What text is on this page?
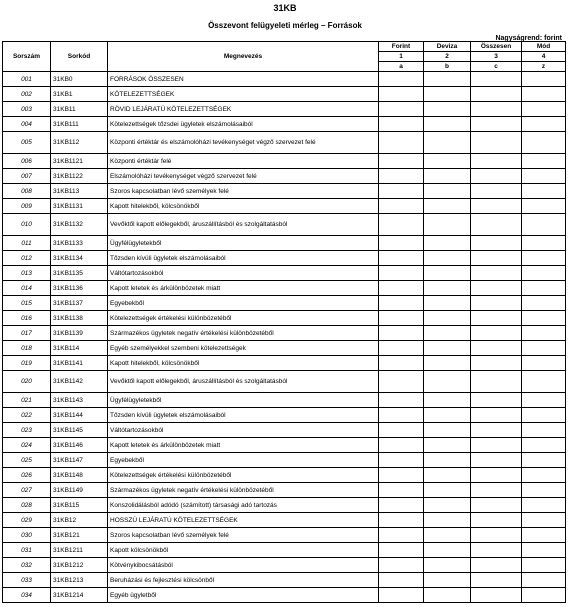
31KB
Összevont felügyeleti mérleg – Források
Nagyságrend: forint
Sorszám	Sorkód	Megnevezés	Forint	Deviza	Összesen	Mód
			1	2	3	4
			a	b	c	z
001	31KB0	FORRÁSOK ÖSSZESEN				
002	31KB1	KÖTELEZETTSÉGEK				
003	31KB11	RÖVID LEJÁRATÚ KÖTELEZETTSÉGEK				
004	31KB111	Kötelezettségek tőzsdei ügyletek elszámolásaiból				
005	31KB112	Központi értéktár és elszámolóházi tevékenységet végző szervezet felé				
006	31KB1121	Központi értéktár felé				
007	31KB1122	Elszámolóházi tevékenységet végző szervezet felé				
008	31KB113	Szoros kapcsolatban lévő személyek felé				
009	31KB1131	Kapott hitelekből, kölcsönökből				
010	31KB1132	Vevőktől kapott előlegekből, áruszállításból és szolgáltatásból				
011	31KB1133	Ügyfélügyletekből				
012	31KB1134	Tőzsden kívüli ügyletek elszámolásaiból				
013	31KB1135	Váltótartozásokból				
014	31KB1136	Kapott letetek és árkülönbözetek miatt				
015	31KB1137	Egyebekből				
016	31KB1138	Kötelezettségek értékelési különbözetéből				
017	31KB1139	Származékos ügyletek negatív értékelési különbözetéből				
018	31KB114	Egyéb személyekkel szembeni kötelezettségek				
019	31KB1141	Kapott hitelekből, kölcsönökből				
020	31KB1142	Vevőktől kapott előlegekből, áruszállításból és szolgáltatásból				
021	31KB1143	Ügyfélügyletekből				
022	31KB1144	Tőzsden kívüli ügyletek elszámolásaiból				
023	31KB1145	Váltótartozásokból				
024	31KB1146	Kapott letetek és árkülönbözetek miatt				
025	31KB1147	Egyebekből				
026	31KB1148	Kötelezettségek értékelési különbözetéből				
027	31KB1149	Származékos ügyletek negatív értékelési különbözetéből				
028	31KB115	Konszolidálásból adódó (számított) társasági adó tartozás				
029	31KB12	HOSSZÚ LEJÁRATÚ KÖTELEZETTSÉGEK				
030	31KB121	Szoros kapcsolatban lévő személyek felé				
031	31KB1211	Kapott kölcsönökből				
032	31KB1212	Kötvénykibocsátásból				
033	31KB1213	Beruházási és fejlesztési kölcsönből				
034	31KB1214	Egyéb ügyletből				
